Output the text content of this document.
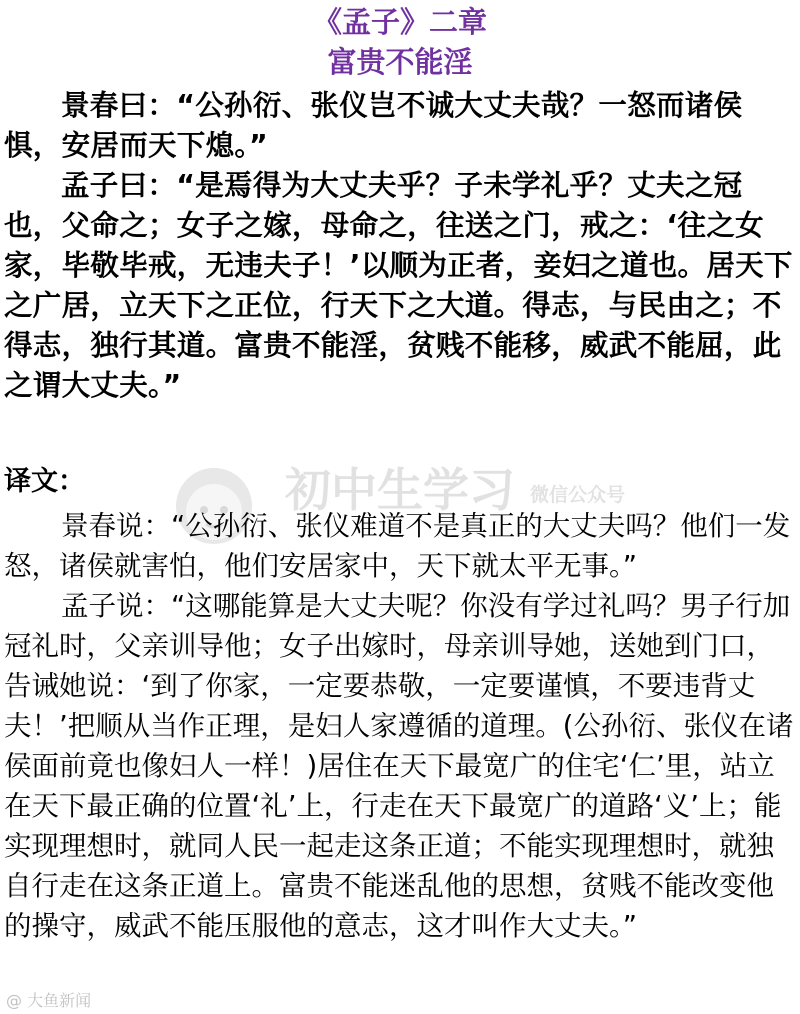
《孟子》二章
富贵不能淫

景春曰：“公孙衍、张仪岂不诚大丈夫哉？一怒而诸侯惧，安居而天下熄。”

孟子曰：“是焉得为大丈夫乎？子未学礼乎？丈夫之冠也，父命之；女子之嫁，母命之，往送之门，戒之：‘往之女家，毕敬毕戒，无违夫子！’以顺为正者，妾妇之道也。居天下之广居，立天下之正位，行天下之大道。得志，与民由之；不得志，独行其道。富贵不能淫，贫贱不能移，威武不能屈，此之谓大丈夫。”

初中生学习 微信公众号
译文：

景春说：“公孙衍、张仪难道不是真正的大丈夫吗？他们一发怒，诸侯就害怕，他们安居家中，天下就太平无事。”

孟子说：“这哪能算是大丈夫呢？你没有学过礼吗？男子行加冠礼时，父亲训导他；女子出嫁时，母亲训导她，送她到门口，告诫她说：‘到了你家，一定要恭敬，一定要谨慎，不要违背丈夫！’把顺从当作正理，是妇人家遵循的道理。(公孙衍、张仪在诸侯面前竟也像妇人一样！)居住在天下最宽广的住宅‘仁’里，站立在天下最正确的位置‘礼’上，行走在天下最宽广的道路‘义’上；能实现理想时，就同人民一起走这条正道；不能实现理想时，就独自行走在这条正道上。富贵不能迷乱他的思想，贫贱不能改变他的操守，威武不能压服他的意志，这才叫作大丈夫。”

@ 大鱼新闻
